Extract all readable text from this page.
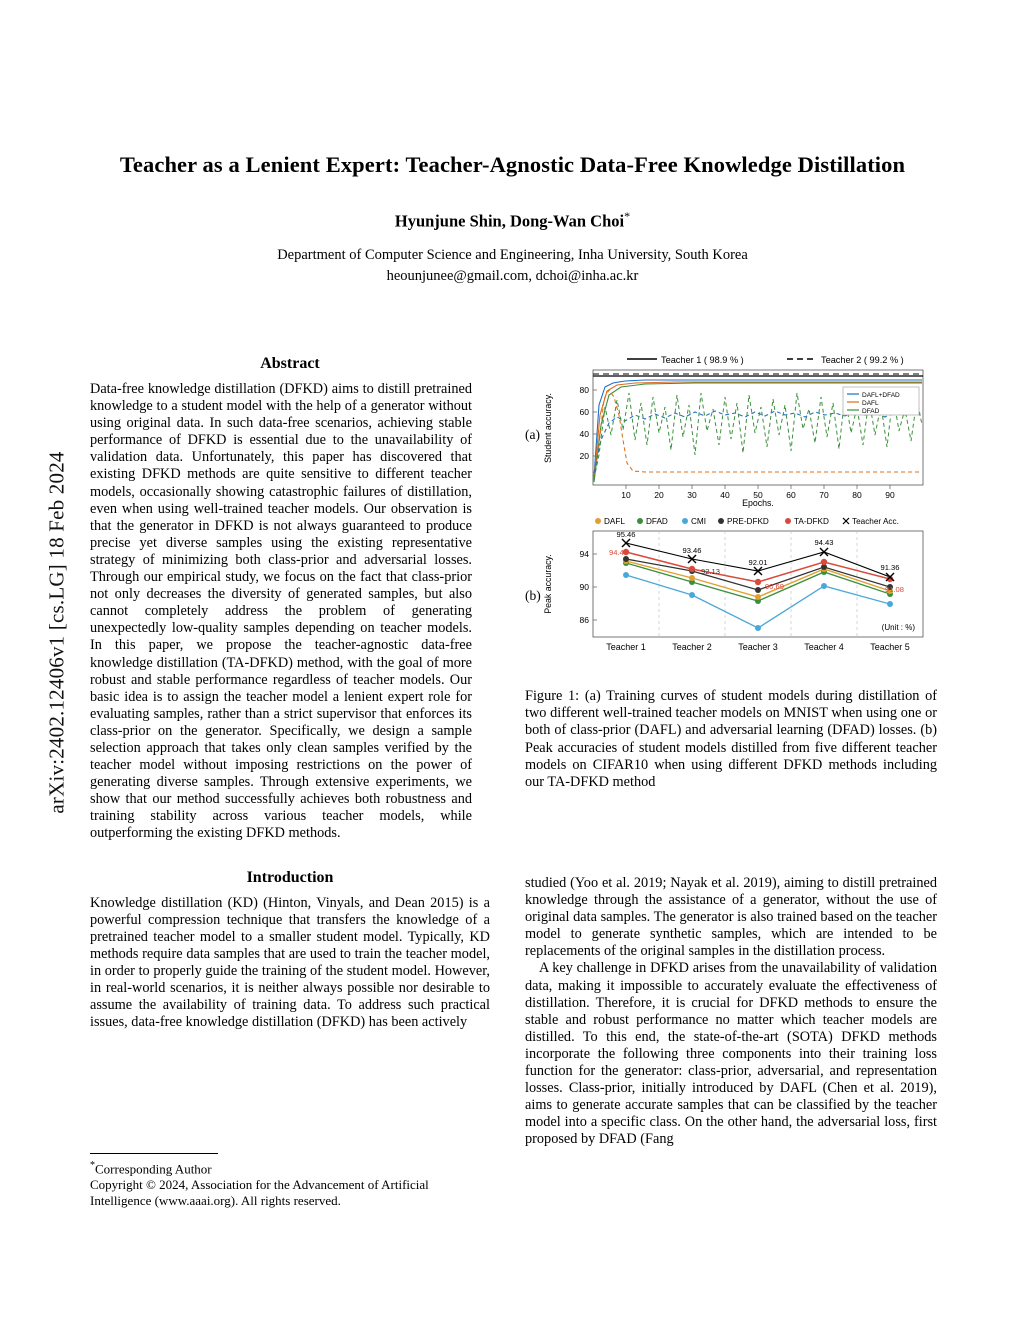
arXiv:2402.12406v1 [cs.LG] 18 Feb 2024
Teacher as a Lenient Expert: Teacher-Agnostic Data-Free Knowledge Distillation
Hyunjune Shin, Dong-Wan Choi*
Department of Computer Science and Engineering, Inha University, South Korea
heounjunee@gmail.com, dchoi@inha.ac.kr
Abstract

Data-free knowledge distillation (DFKD) aims to distill pretrained knowledge to a student model with the help of a generator without using original data. In such data-free scenarios, achieving stable performance of DFKD is essential due to the unavailability of validation data. Unfortunately, this paper has discovered that existing DFKD methods are quite sensitive to different teacher models, occasionally showing catastrophic failures of distillation, even when using well-trained teacher models. Our observation is that the generator in DFKD is not always guaranteed to produce precise yet diverse samples using the existing representative strategy of minimizing both class-prior and adversarial losses. Through our empirical study, we focus on the fact that class-prior not only decreases the diversity of generated samples, but also cannot completely address the problem of generating unexpectedly low-quality samples depending on teacher models. In this paper, we propose the teacher-agnostic data-free knowledge distillation (TA-DFKD) method, with the goal of more robust and stable performance regardless of teacher models. Our basic idea is to assign the teacher model a lenient expert role for evaluating samples, rather than a strict supervisor that enforces its class-prior on the generator. Specifically, we design a sample selection approach that takes only clean samples verified by the teacher model without imposing restrictions on the power of generating diverse samples. Through extensive experiments, we show that our method successfully achieves both robustness and training stability across various teacher models, while outperforming the existing DFKD methods.

Introduction

Knowledge distillation (KD) (Hinton, Vinyals, and Dean 2015) is a powerful compression technique that transfers the knowledge of a pretrained teacher model to a smaller student model. Typically, KD methods require data samples that are used to train the teacher model, in order to properly guide the training of the student model. However, in real-world scenarios, it is neither always possible nor desirable to assume the availability of training data. To address such practical issues, data-free knowledge distillation (DFKD) has been actively

*Corresponding Author
Copyright © 2024, Association for the Advancement of Artificial
Intelligence (www.aaai.org). All rights reserved.
(a)
(b)
Teacher 1 ( 98.9 % )	Teacher 2 ( 99.2 % )
80
60
40
20
10	20	30	40	50	60	70	80	90
Epochs.
Student accuracy.	DAFL+DFAD
DAFL
DFAD
DAFL	DFAD	CMI	PRE-DFKD	TA-DFKD	Teacher Acc.
94
90
86
Peak accuracy.
Teacher 1	Teacher 2	Teacher 3	Teacher 4	Teacher 5
(Unit : %)
95.46
93.46
92.01
94.43
91.36
94.4
92.13
90.69	91.08
Figure 1: (a) Training curves of student models during distillation of two different well-trained teacher models on MNIST when using one or both of class-prior (DAFL) and adversarial learning (DFAD) losses. (b) Peak accuracies of student models distilled from five different teacher models on CIFAR10 when using different DFKD methods including our TA-DFKD method

studied (Yoo et al. 2019; Nayak et al. 2019), aiming to distill pretrained knowledge through the assistance of a generator, without the use of original data samples. The generator is also trained based on the teacher model to generate synthetic samples, which are intended to be replacements of the original samples in the distillation process.

A key challenge in DFKD arises from the unavailability of validation data, making it impossible to accurately evaluate the effectiveness of distillation. Therefore, it is crucial for DFKD methods to ensure the stable and robust performance no matter which teacher models are distilled. To this end, the state-of-the-art (SOTA) DFKD methods incorporate the following three components into their training loss function for the generator: class-prior, adversarial, and representation losses. Class-prior, initially introduced by DAFL (Chen et al. 2019), aims to generate accurate samples that can be classified by the teacher model into a specific class. On the other hand, the adversarial loss, first proposed by DFAD (Fang
